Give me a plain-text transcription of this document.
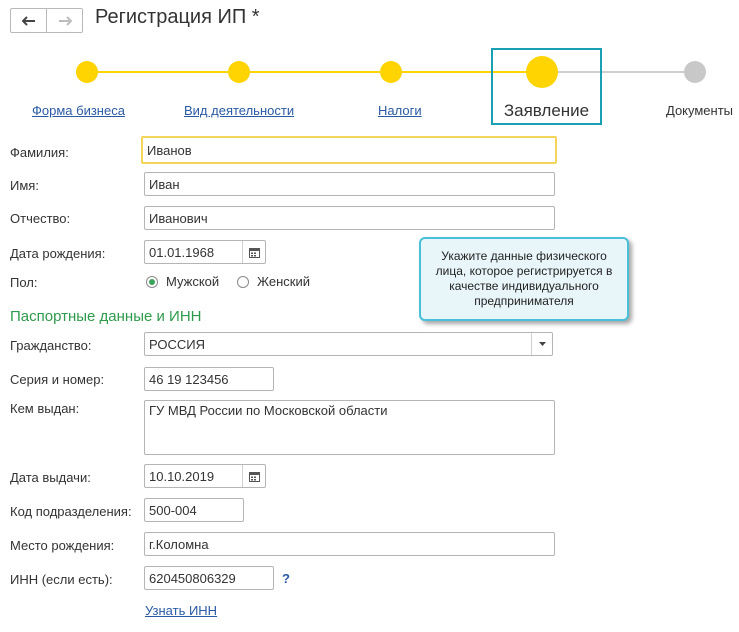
Регистрация ИП *
Форма бизнеса	Вид деятельности	Налоги	Заявление	Документы
Фамилия:	Иванов
Имя:	Иван
Отчество:	Иванович
Дата рождения:	01.01.1968
Пол:	Мужской	Женский
Паспортные данные и ИНН
Гражданство:	РОССИЯ
Серия и номер:	46 19 123456
Кем выдан:	ГУ МВД России по Московской области
Дата выдачи:	10.10.2019
Код подразделения: 500-004
Место рождения:	г.Коломна
ИНН (если есть):	620450806329	?
Узнать ИНН
Укажите данные физического лица, которое регистрируется в качестве индивидуального предпринимателя
